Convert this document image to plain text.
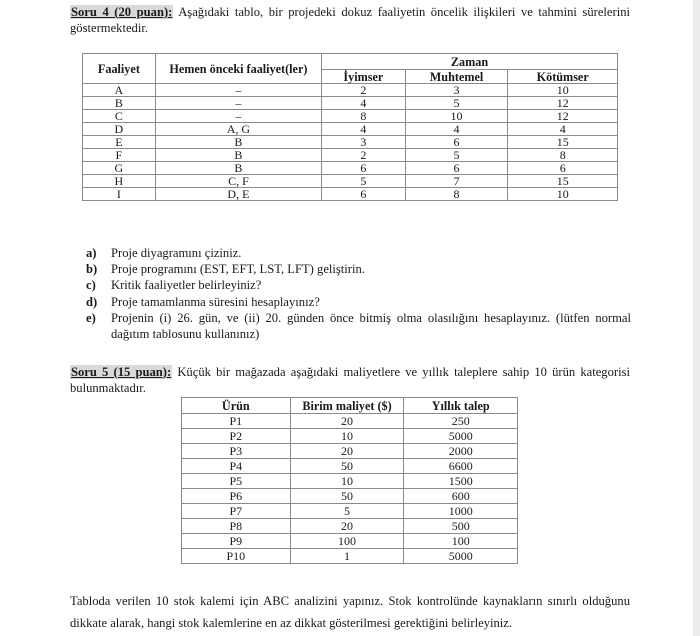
Soru 4 (20 puan): Aşağıdaki tablo, bir projedeki dokuz faaliyetin öncelik ilişkileri ve tahmini sürelerini göstermektedir.

Faaliyet	Hemen önceki faaliyet(ler)	Zaman		
		İyimser	Muhtemel	Kötümser
A	–	2	3	10
B	–	4	5	12
C	–	8	10	12
D	A, G	4	4	4
E	B	3	6	15
F	B	2	5	8
G	B	6	6	6
H	C, F	5	7	15
I	D, E	6	8	10
a)	Proje diyagramını çiziniz.
b)	Proje programını (EST, EFT, LST, LFT) geliştirin.
c)	Kritik faaliyetler belirleyiniz?
d)	Proje tamamlanma süresini hesaplayınız?
e)	Projenin (i) 26. gün, ve (ii) 20. günden önce bitmiş olma olasılığını hesaplayınız. (lütfen normal dağıtım tablosunu kullanınız)

Soru 5 (15 puan): Küçük bir mağazada aşağıdaki maliyetlere ve yıllık taleplere sahip 10 ürün kategorisi bulunmaktadır.

Ürün	Birim maliyet ($)	Yıllık talep
P1	20	250
P2	10	5000
P3	20	2000
P4	50	6600
P5	10	1500
P6	50	600
P7	5	1000
P8	20	500
P9	100	100
P10	1	5000

Tabloda verilen 10 stok kalemi için ABC analizini yapınız. Stok kontrolünde kaynakların sınırlı olduğunu dikkate alarak, hangi stok kalemlerine en az dikkat gösterilmesi gerektiğini belirleyiniz.
